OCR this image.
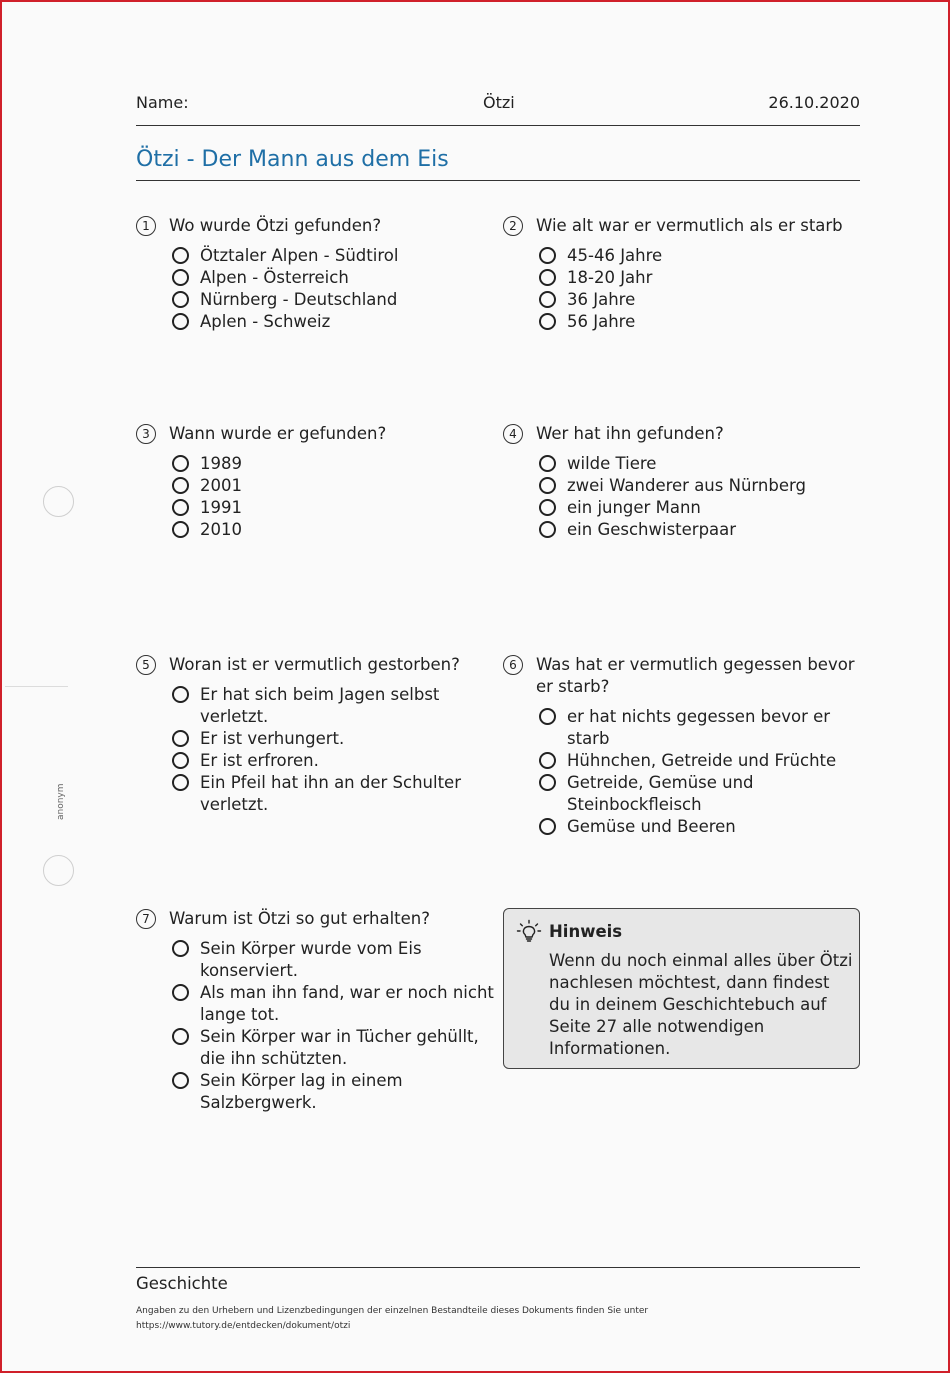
anonym
Name:	Ötzi	26.10.2020
Ötzi - Der Mann aus dem Eis
1	Wo wurde Ötzi gefunden?
Ötztaler Alpen - Südtirol
Alpen - Österreich
Nürnberg - Deutschland
Aplen - Schweiz
2	Wie alt war er vermutlich als er starb
45-46 Jahre
18-20 Jahr
36 Jahre
56 Jahre
3	Wann wurde er gefunden?
1989
2001
1991
2010
4	Wer hat ihn gefunden?
wilde Tiere
zwei Wanderer aus Nürnberg
ein junger Mann
ein Geschwisterpaar
5	Woran ist er vermutlich gestorben?
Er hat sich beim Jagen selbst verletzt.
Er ist verhungert.
Er ist erfroren.
Ein Pfeil hat ihn an der Schulter verletzt.
6	Was hat er vermutlich gegessen bevor er starb?
er hat nichts gegessen bevor er starb
Hühnchen, Getreide und Früchte
Getreide, Gemüse und Steinbockfleisch
Gemüse und Beeren
7	Warum ist Ötzi so gut erhalten?
Sein Körper wurde vom Eis konserviert.
Als man ihn fand, war er noch nicht lange tot.
Sein Körper war in Tücher gehüllt, die ihn schützten.
Sein Körper lag in einem Salzbergwerk.
Hinweis
Wenn du noch einmal alles über Ötzi nachlesen möchtest, dann findest du in deinem Geschichtebuch auf Seite 27 alle notwendigen Informationen.
Geschichte
Angaben zu den Urhebern und Lizenzbedingungen der einzelnen Bestandteile dieses Dokuments finden Sie unter
https://www.tutory.de/entdecken/dokument/otzi
